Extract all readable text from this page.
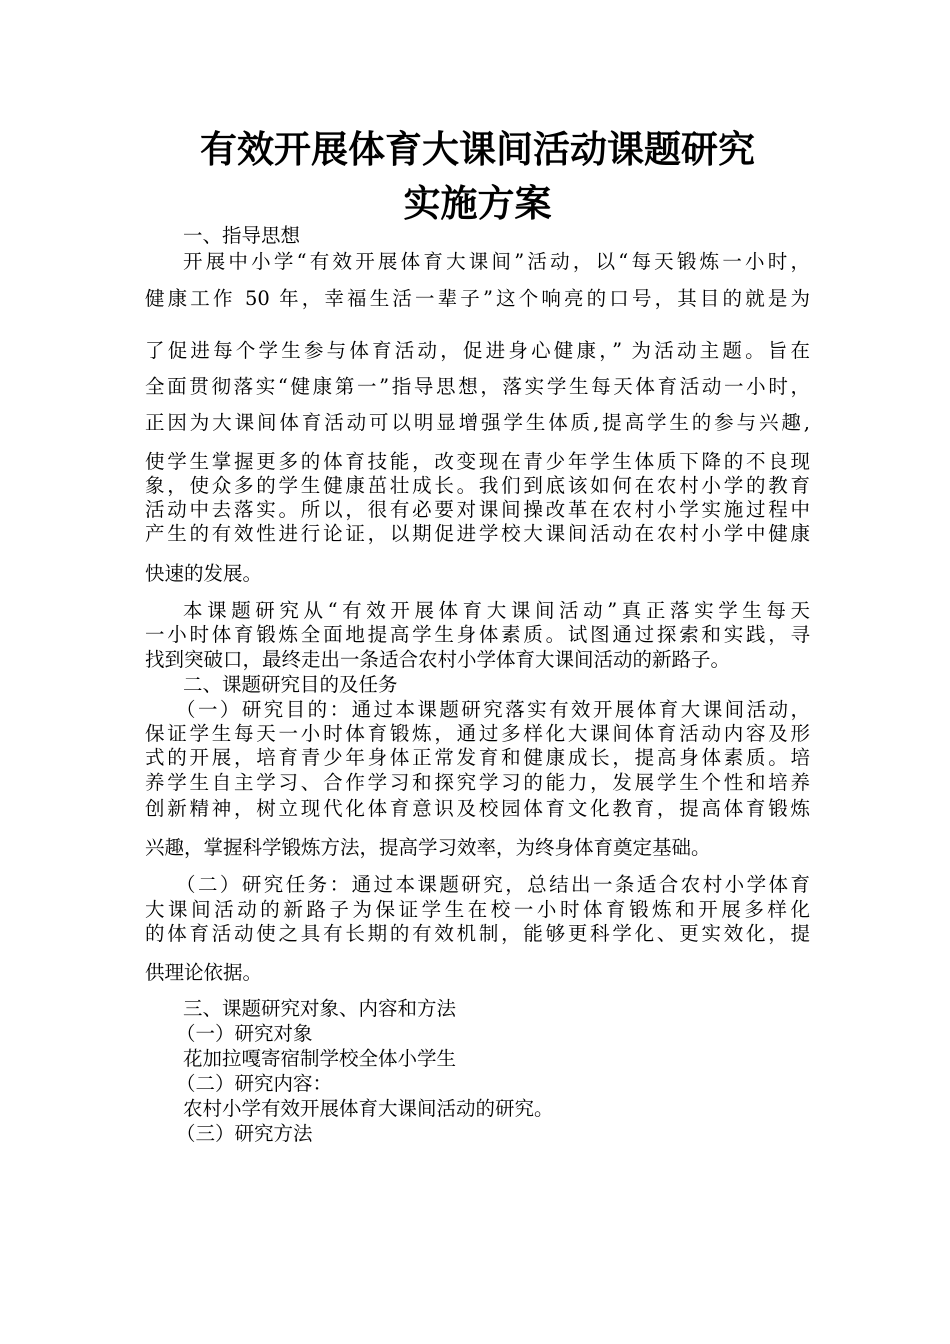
有效开展体育大课间活动课题研究
实施方案

一、指导思想

开展中小学“有效开展体育大课间”活动，以“每天锻炼一小时，

健康工作 50 年，幸福生活一辈子”这个响亮的口号，其目的就是为

了促进每个学生参与体育活动，促进身心健康，” 为活动主题。旨在

全面贯彻落实“健康第一”指导思想，落实学生每天体育活动一小时，

正因为大课间体育活动可以明显增强学生体质,提高学生的参与兴趣,

使学生掌握更多的体育技能，改变现在青少年学生体质下降的不良现

象，使众多的学生健康茁壮成长。我们到底该如何在农村小学的教育

活动中去落实。所以，很有必要对课间操改革在农村小学实施过程中

产生的有效性进行论证，以期促进学校大课间活动在农村小学中健康

快速的发展。

本课题研究从“有效开展体育大课间活动”真正落实学生每天

一小时体育锻炼全面地提高学生身体素质。试图通过探索和实践，寻

找到突破口，最终走出一条适合农村小学体育大课间活动的新路子。

二、课题研究目的及任务

（一）研究目的：通过本课题研究落实有效开展体育大课间活动，

保证学生每天一小时体育锻炼，通过多样化大课间体育活动内容及形

式的开展，培育青少年身体正常发育和健康成长，提高身体素质。培

养学生自主学习、合作学习和探究学习的能力，发展学生个性和培养

创新精神，树立现代化体育意识及校园体育文化教育，提高体育锻炼

兴趣，掌握科学锻炼方法，提高学习效率，为终身体育奠定基础。

（二）研究任务：通过本课题研究，总结出一条适合农村小学体育

大课间活动的新路子为保证学生在校一小时体育锻炼和开展多样化

的体育活动使之具有长期的有效机制，能够更科学化、更实效化，提

供理论依据。

三、课题研究对象、内容和方法

（一）研究对象

花加拉嘎寄宿制学校全体小学生

（二）研究内容：

农村小学有效开展体育大课间活动的研究。

（三）研究方法
